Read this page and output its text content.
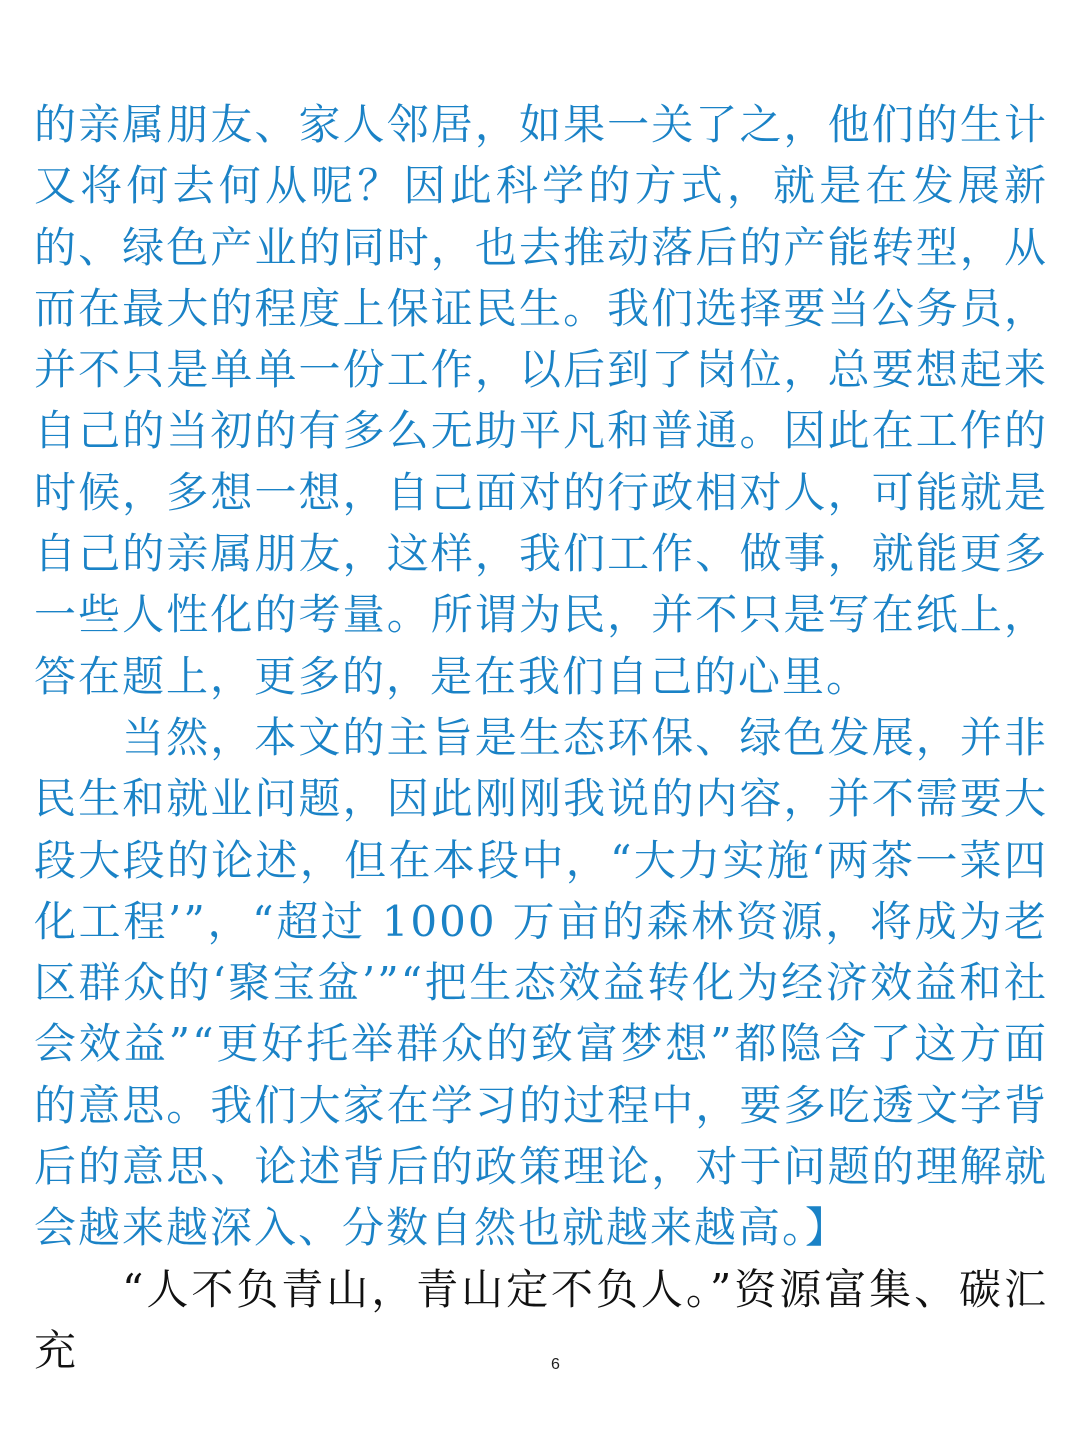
的亲属朋友、家人邻居，如果一关了之，他们的生计又将何去何从呢？因此科学的方式，就是在发展新的、绿色产业的同时，也去推动落后的产能转型，从而在最大的程度上保证民生。我们选择要当公务员，并不只是单单一份工作，以后到了岗位，总要想起来自己的当初的有多么无助平凡和普通。因此在工作的时候，多想一想，自己面对的行政相对人，可能就是自己的亲属朋友，这样，我们工作、做事，就能更多一些人性化的考量。所谓为民，并不只是写在纸上，答在题上，更多的，是在我们自己的心里。

当然，本文的主旨是生态环保、绿色发展，并非民生和就业问题，因此刚刚我说的内容，并不需要大段大段的论述，但在本段中，“大力实施‘两茶一菜四化工程’”，“超过 1000 万亩的森林资源，将成为老区群众的‘聚宝盆’”“把生态效益转化为经济效益和社会效益”“更好托举群众的致富梦想”都隐含了这方面的意思。我们大家在学习的过程中，要多吃透文字背后的意思、论述背后的政策理论，对于问题的理解就会越来越深入、分数自然也就越来越高。】

“人不负青山，青山定不负人。”资源富集、碳汇充	6
